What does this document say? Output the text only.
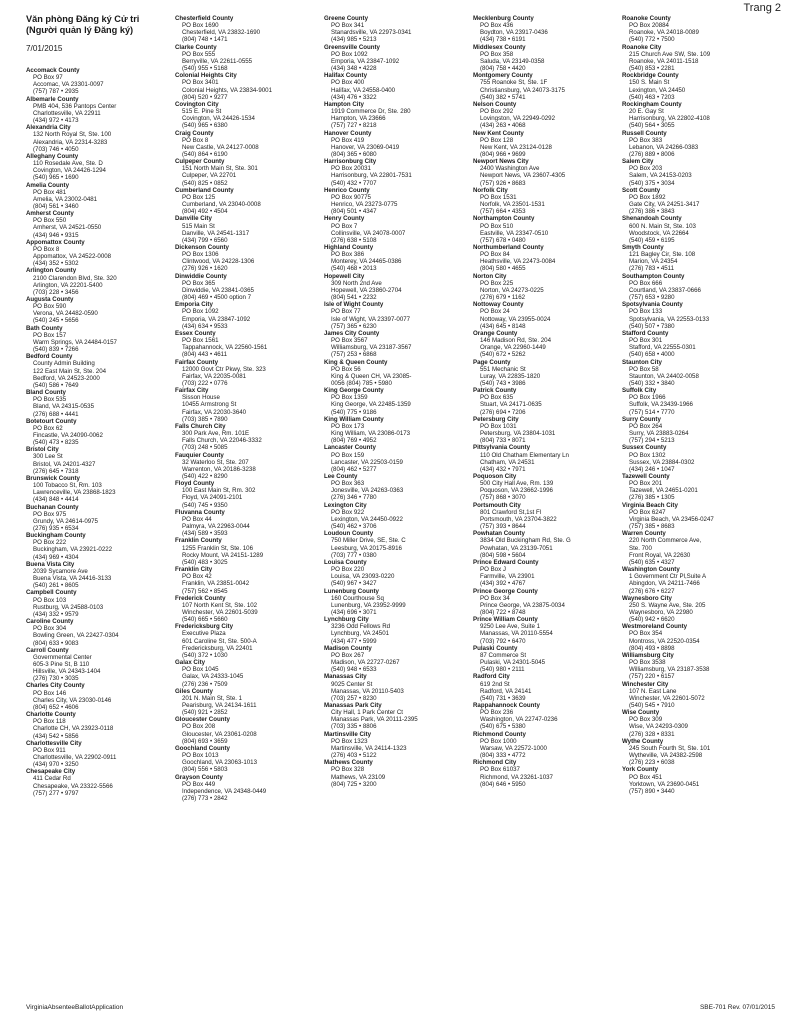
Trang 2
Văn phòng Đăng ký Cử tri (Người quản lý Đăng ký)
7/01/2015
Accomack County
PO Box 97
Accomac, VA 23301-0097
(757) 787 • 2935
Albemarle County
PMB 404, 536 Pantops Center
Charlottesville, VA 22911
(434) 972 • 4173
Alexandria City
132 North Royal St, Ste. 100
Alexandria, VA 22314-3283
(703) 746 • 4050
Alleghany County
110 Rosedale Ave, Ste. D
Covington, VA 24426-1294
(540) 965 • 1690
Amelia County
PO Box 481
Amelia, VA 23002-0481
(804) 561 • 3460
Amherst County
PO Box 550
Amherst, VA 24521-0550
(434) 946 • 9315
Appomattox County
PO Box 8
Appomattox, VA 24522-0008
(434) 352 • 5302
Arlington County
2100 Clarendon Blvd, Ste. 320
Arlington, VA 22201-5400
(703) 228 • 3456
Augusta County
PO Box 590
Verona, VA 24482-0590
(540) 245 • 5656
Bath County
PO Box 157
Warm Springs, VA 24484-0157
(540) 839 • 7266
Bedford County
County Admin Building
122 East Main St, Ste. 204
Bedford, VA 24523-2000
(540) 586 • 7649
Bland County
PO Box 535
Bland, VA 24315-0535
(276) 688 • 4441
Botetourt County
PO Box 62
Fincastle, VA 24090-0062
(540) 473 • 8235
Bristol City
300 Lee St
Bristol, VA 24201-4327
(276) 645 • 7318
Brunswick County
100 Tobacco St, Rm. 103
Lawrenceville, VA 23868-1823
(434) 848 • 4414
Buchanan County
PO Box 975
Grundy, VA 24614-0975
(276) 935 • 6534
Buckingham County
PO Box 222
Buckingham, VA 23921-0222
(434) 969 • 4304
Buena Vista City
2039 Sycamore Ave
Buena Vista, VA 24416-3133
(540) 261 • 8605
Campbell County
PO Box 103
Rustburg, VA 24588-0103
(434) 332 • 9579
Caroline County
PO Box 304
Bowling Green, VA 22427-0304
(804) 633 • 9083
Carroll County
Governmental Center
605-3 Pine St, B 110
Hillsville, VA 24343-1404
(276) 730 • 3035
Charles City County
PO Box 146
Charles City, VA 23030-0146
(804) 652 • 4606
Charlotte County
PO Box 118
Charlotte CH, VA 23923-0118
(434) 542 • 5856
Charlottesville City
PO Box 911
Charlottesville, VA 22902-0911
(434) 970 • 3250
Chesapeake City
411 Cedar Rd
Chesapeake, VA 23322-5566
(757) 277 • 9797
Chesterfield County
PO Box 1690
Chesterfield, VA 23832-1690
(804) 748 • 1471
Clarke County
PO Box 555
Berryville, VA 22611-0555
(540) 955 • 5168
Colonial Heights City
PO Box 3401
Colonial Heights, VA 23834-9001
(804) 520 • 9277
Covington City
515 E. Pine St
Covington, VA 24426-1534
(540) 965 • 6380
Craig County
PO Box 8
New Castle, VA 24127-0008
(540) 864 • 6190
Culpeper County
151 North Main St, Ste. 301
Culpeper, VA 22701
(540) 825 • 0852
Cumberland County
PO Box 125
Cumberland, VA 23040-0008
(804) 492 • 4504
Danville City
515 Main St
Danville, VA 24541-1317
(434) 799 • 6560
Dickenson County
PO Box 1306
Clintwood, VA 24228-1306
(276) 926 • 1620
Dinwiddie County
PO Box 365
Dinwiddie, VA 23841-0365
(804) 469 • 4500 option 7
Emporia City
PO Box 1092
Emporia, VA 23847-1092
(434) 634 • 9533
Essex County
PO Box 1561
Tappahannock, VA 22560-1561
(804) 443 • 4611
Fairfax County
12000 Govt Ctr Pkwy, Ste. 323
Fairfax, VA 22035-0081
(703) 222 • 0776
Fairfax City
Sisson House
10455 Armstrong St
Fairfax, VA 22030-3640
(703) 385 • 7890
Falls Church City
300 Park Ave, Rm. 101E
Falls Church, VA 22046-3332
(703) 248 • 5085
Fauquier County
32 Waterloo St, Ste. 207
Warrenton, VA 20186-3238
(540) 422 • 8290
Floyd County
100 East Main St, Rm. 302
Floyd, VA 24091-2101
(540) 745 • 9350
Fluvanna County
PO Box 44
Palmyra, VA 22963-0044
(434) 589 • 3593
Franklin County
1255 Franklin St, Ste. 106
Rocky Mount, VA 24151-1289
(540) 483 • 3025
Franklin City
PO Box 42
Franklin, VA 23851-0042
(757) 562 • 8545
Frederick County
107 North Kent St, Ste. 102
Winchester, VA 22601-5039
(540) 665 • 5660
Fredericksburg City
Executive Plaza
601 Caroline St, Ste. 500-A
Fredericksburg, VA 22401
(540) 372 • 1030
Galax City
PO Box 1045
Galax, VA 24333-1045
(276) 236 • 7509
Giles County
201 N. Main St, Ste. 1
Pearisburg, VA 24134-1611
(540) 921 • 2852
Gloucester County
PO Box 208
Gloucester, VA 23061-0208
(804) 693 • 3659
Goochland County
PO Box 1013
Goochland, VA 23063-1013
(804) 556 • 5803
Grayson County
PO Box 449
Independence, VA 24348-0449
(276) 773 • 2842
Greene County
PO Box 341
Stanardsville, VA 22973-0341
(434) 985 • 5213
Greensville County
PO Box 1092
Emporia, VA 23847-1092
(434) 348 • 4228
Halifax County
PO Box 400
Halifax, VA 24558-0400
(434) 476 • 3322
Hampton City
1919 Commerce Dr, Ste. 280
Hampton, VA 23666
(757) 727 • 8218
Hanover County
PO Box 419
Hanover, VA 23069-0419
(804) 365 • 6080
Harrisonburg City
PO Box 20031
Harrisonburg, VA 22801-7531
(540) 432 • 7707
Henrico County
PO Box 90775
Henrico, VA 23273-0775
(804) 501 • 4347
Henry County
PO Box 7
Collinsville, VA 24078-0007
(276) 638 • 5108
Highland County
PO Box 386
Monterey, VA 24465-0386
(540) 468 • 2013
Hopewell City
309 North 2nd Ave
Hopewell, VA 23860-2704
(804) 541 • 2232
Isle of Wight County
PO Box 77
Isle of Wight, VA 23397-0077
(757) 365 • 6230
James City County
PO Box 3567
Williamsburg, VA 23187-3567
(757) 253 • 6868
King & Queen County
PO Box 56
King & Queen CH, VA 23085-
0056 (804) 785 • 5980
King George County
PO Box 1359
King George, VA 22485-1359
(540) 775 • 9186
King William County
PO Box 173
King William, VA 23086-0173
(804) 769 • 4952
Lancaster County
PO Box 159
Lancaster, VA 22503-0159
(804) 462 • 5277
Lee County
PO Box 363
Jonesville, VA 24263-0363
(276) 346 • 7780
Lexington City
PO Box 922
Lexington, VA 24450-0922
(540) 462 • 3706
Loudoun County
750 Miller Drive, SE, Ste. C
Leesburg, VA 20175-8916
(703) 777 • 0380
Louisa County
PO Box 220
Louisa, VA 23093-0220
(540) 967 • 3427
Lunenburg County
160 Courthouse Sq
Lunenburg, VA 23952-9999
(434) 696 • 3071
Lynchburg City
3236 Odd Fellows Rd
Lynchburg, VA 24501
(434) 477 • 5999
Madison County
PO Box 267
Madison, VA 22727-0267
(540) 948 • 6533
Manassas City
9025 Center St
Manassas, VA 20110-5403
(703) 257 • 8230
Manassas Park City
City Hall, 1 Park Center Ct
Manassas Park, VA 20111-2395
(703) 335 • 8806
Martinsville City
PO Box 1323
Martinsville, VA 24114-1323
(276) 403 • 5122
Mathews County
PO Box 328
Mathews, VA 23109
(804) 725 • 3200
Mecklenburg County
PO Box 436
Boydton, VA 23917-0436
(434) 738 • 6191
Middlesex County
PO Box 358
Saluda, VA 23149-0358
(804) 758 • 4420
Montgomery County
755 Roanoke St, Ste. 1F
Christiansburg, VA 24073-3175
(540) 382 • 5741
Nelson County
PO Box 292
Lovingston, VA 22949-0292
(434) 263 • 4068
New Kent County
PO Box 128
New Kent, VA 23124-0128
(804) 966 • 9699
Newport News City
2400 Washington Ave
Newport News, VA 23607-4305
(757) 926 • 8683
Norfolk City
PO Box 1531
Norfolk, VA 23501-1531
(757) 664 • 4353
Northampton County
PO Box 510
Eastville, VA 23347-0510
(757) 678 • 0480
Northumberland County
PO Box 84
Heathsville, VA 22473-0084
(804) 580 • 4655
Norton City
PO Box 225
Norton, VA 24273-0225
(276) 679 • 1162
Nottoway County
PO Box 24
Nottoway, VA 23955-0024
(434) 645 • 8148
Orange County
146 Madison Rd, Ste. 204
Orange, VA 22960-1449
(540) 672 • 5262
Page County
551 Mechanic St
Luray, VA 22835-1820
(540) 743 • 3986
Patrick County
PO Box 635
Stuart, VA 24171-0635
(276) 694 • 7206
Petersburg City
PO Box 1031
Petersburg, VA 23804-1031
(804) 733 • 8071
Pittsylvania County
110 Old Chatham Elementary Ln
Chatham, VA 24531
(434) 432 • 7971
Poquoson City
500 City Hall Ave, Rm. 139
Poquoson, VA 23662-1996
(757) 868 • 3070
Portsmouth City
801 Crawford St,1st Fl
Portsmouth, VA 23704-3822
(757) 393 • 8644
Powhatan County
3834 Old Buckingham Rd, Ste. G
Powhatan, VA 23139-7051
(804) 598 • 5604
Prince Edward County
PO Box J
Farmville, VA 23901
(434) 392 • 4767
Prince George County
PO Box 34
Prince George, VA 23875-0034
(804) 722 • 8748
Prince William County
9250 Lee Ave, Suite 1
Manassas, VA 20110-5554
(703) 792 • 6470
Pulaski County
87 Commerce St
Pulaski, VA 24301-5045
(540) 980 • 2111
Radford City
619 2nd St
Radford, VA 24141
(540) 731 • 3639
Rappahannock County
PO Box 236
Washington, VA 22747-0236
(540) 675 • 5380
Richmond County
PO Box 1000
Warsaw, VA 22572-1000
(804) 333 • 4772
Richmond City
PO Box 61037
Richmond, VA 23261-1037
(804) 646 • 5950
Roanoke County
PO Box 20884
Roanoke, VA 24018-0089
(540) 772 • 7500
Roanoke City
215 Church Ave SW, Ste. 109
Roanoke, VA 24011-1518
(540) 853 • 2281
Rockbridge County
150 S. Main St
Lexington, VA 24450
(540) 463 • 7203
Rockingham County
20 E. Gay St
Harrisonburg, VA 22802-4108
(540) 564 • 3055
Russell County
PO Box 383
Lebanon, VA 24266-0383
(276) 889 • 8006
Salem City
PO Box 203
Salem, VA 24153-0203
(540) 375 • 3034
Scott County
PO Box 1892
Gate City, VA 24251-3417
(276) 386 • 3843
Shenandoah County
600 N. Main St, Ste. 103
Woodstock, VA 22664
(540) 459 • 6195
Smyth County
121 Bagley Cir, Ste. 108
Marion, VA 24354
(276) 783 • 4511
Southampton County
PO Box 666
Courtland, VA 23837-0666
(757) 653 • 9280
Spotsylvania County
PO Box 133
Spotsylvania, VA 22553-0133
(540) 507 • 7380
Stafford County
PO Box 301
Stafford, VA 22555-0301
(540) 658 • 4000
Staunton City
PO Box 58
Staunton, VA 24402-0058
(540) 332 • 3840
Suffolk City
PO Box 1966
Suffolk, VA 23439-1966
(757) 514 • 7770
Surry County
PO Box 264
Surry, VA 23883-0264
(757) 294 • 5213
Sussex County
PO Box 1302
Sussex, VA 23884-0302
(434) 246 • 1047
Tazewell County
PO Box 201
Tazewell, VA 24651-0201
(276) 385 • 1305
Virginia Beach City
PO Box 6247
Virginia Beach, VA 23456-0247
(757) 385 • 8683
Warren County
220 North Commerce Ave,
Ste. 700
Front Royal, VA 22630
(540) 635 • 4327
Washington County
1 Government Ctr Pl,Suite A
Abingdon, VA 24211-7466
(276) 676 • 6227
Waynesboro City
250 S. Wayne Ave, Ste. 205
Waynesboro, VA 22980
(540) 942 • 6620
Westmoreland County
PO Box 354
Montross, VA 22520-0354
(804) 493 • 8898
Williamsburg City
PO Box 3538
Williamsburg, VA 23187-3538
(757) 220 • 6157
Winchester City
107 N. East Lane
Winchester, VA 22601-5072
(540) 545 • 7910
Wise County
PO Box 309
Wise, VA 24293-0309
(276) 328 • 8331
Wythe County
245 South Fourth St, Ste. 101
Wytheville, VA 24382-2598
(276) 223 • 6038
York County
PO Box 451
Yorktown, VA 23690-0451
(757) 890 • 3440
VirginiaAbsenteeBallotApplication	SBE-701 Rev. 07/01/2015
